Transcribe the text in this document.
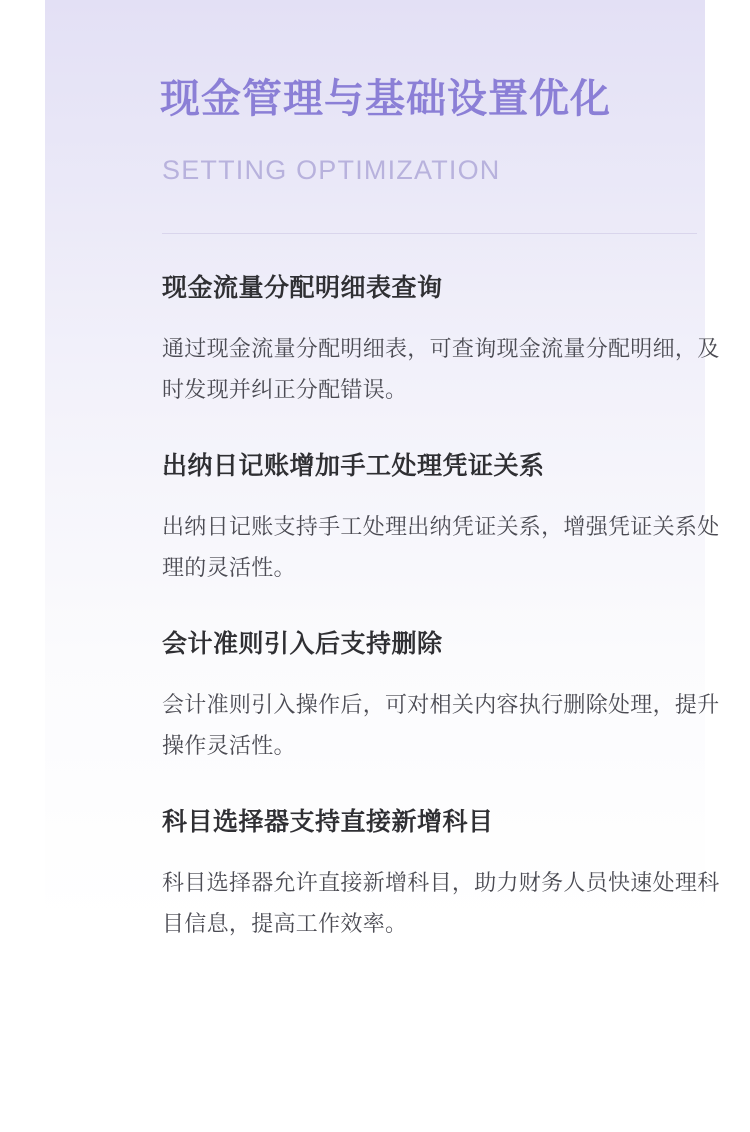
现金管理与基础设置优化
SETTING OPTIMIZATION
现金流量分配明细表查询

通过现金流量分配明细表，可查询现金流量分配明细，及时发现并纠正分配错误。

出纳日记账增加手工处理凭证关系

出纳日记账支持手工处理出纳凭证关系，增强凭证关系处理的灵活性。

会计准则引入后支持删除

会计准则引入操作后，可对相关内容执行删除处理，提升操作灵活性。

科目选择器支持直接新增科目

科目选择器允许直接新增科目，助力财务人员快速处理科目信息，提高工作效率。
